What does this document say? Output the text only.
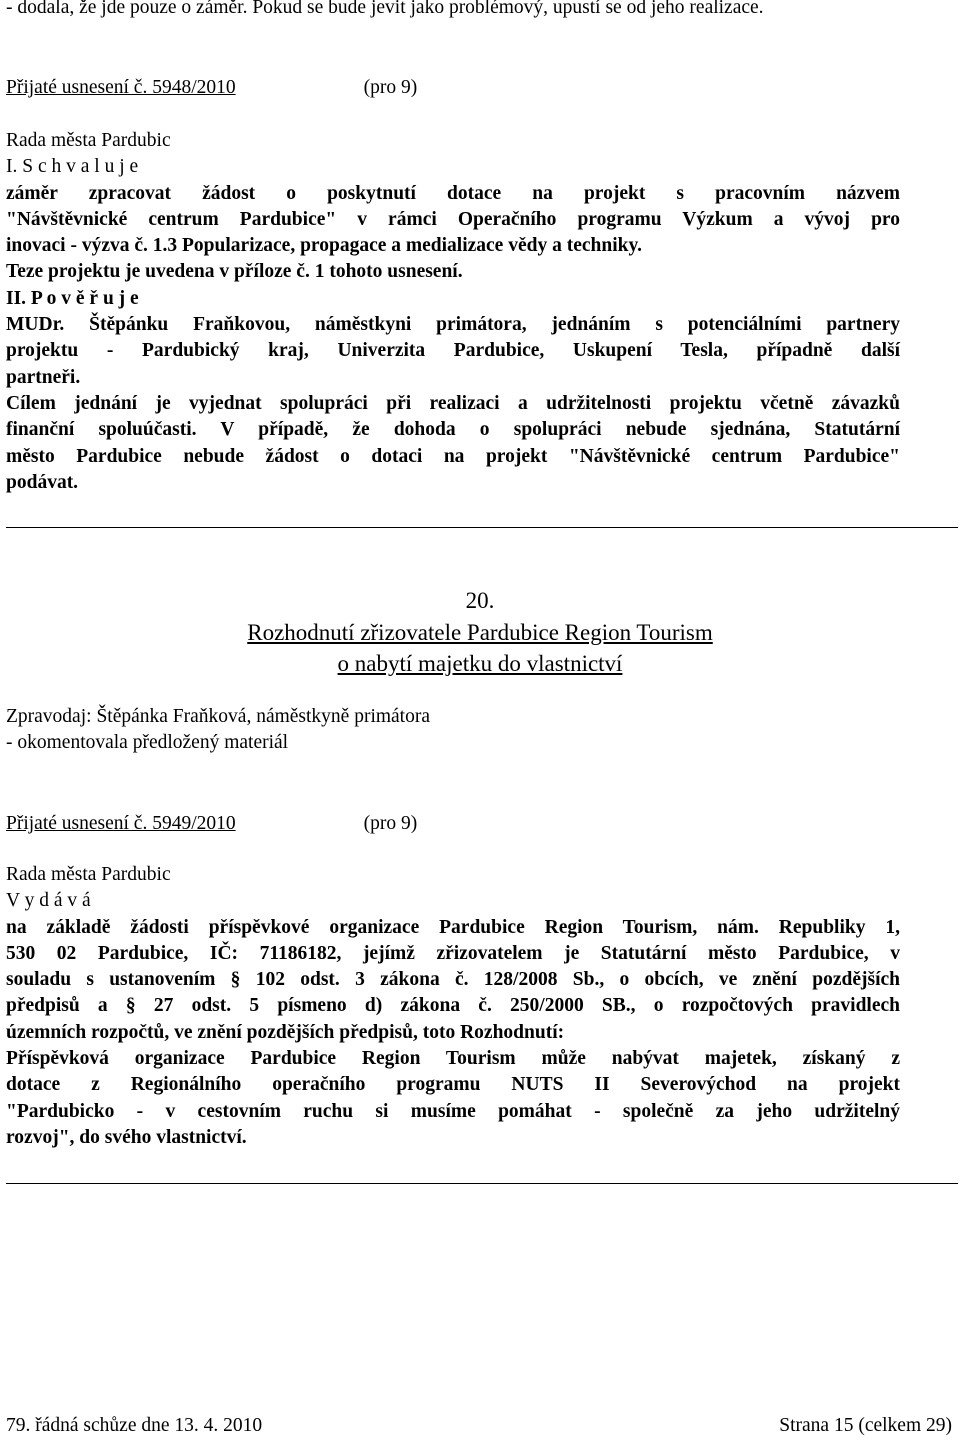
- dodala, že jde pouze o záměr. Pokud se bude jevit jako problémový, upustí se od jeho realizace.

Přijaté usnesení č. 5948/2010	(pro 9)

Rada města Pardubic

I. S c h v a l u j e

záměr zpracovat žádost o poskytnutí dotace na projekt s pracovním názvem

"Návštěvnické centrum Pardubice" v rámci Operačního programu Výzkum a vývoj pro

inovaci - výzva č. 1.3 Popularizace, propagace a medializace vědy a techniky.

Teze projektu je uvedena v příloze č. 1 tohoto usnesení.

II. P o v ě ř u j e

MUDr. Štěpánku Fraňkovou, náměstkyni primátora, jednáním s potenciálními partnery

projektu - Pardubický kraj, Univerzita Pardubice, Uskupení Tesla, případně další

partneři.

Cílem jednání je vyjednat spolupráci při realizaci a udržitelnosti projektu včetně závazků

finanční spoluúčasti. V případě, že dohoda o spolupráci nebude sjednána, Statutární

město Pardubice nebude žádost o dotaci na projekt "Návštěvnické centrum Pardubice"

podávat.

20.
Rozhodnutí zřizovatele Pardubice Region Tourism
o nabytí majetku do vlastnictví

Zpravodaj: Štěpánka Fraňková, náměstkyně primátora

- okomentovala předložený materiál

Přijaté usnesení č. 5949/2010	(pro 9)

Rada města Pardubic

V y d á v á

na základě žádosti příspěvkové organizace Pardubice Region Tourism, nám. Republiky 1,

530 02 Pardubice, IČ: 71186182, jejímž zřizovatelem je Statutární město Pardubice, v

souladu s ustanovením § 102 odst. 3 zákona č. 128/2008 Sb., o obcích, ve znění pozdějších

předpisů a § 27 odst. 5 písmeno d) zákona č. 250/2000 SB., o rozpočtových pravidlech

územních rozpočtů, ve znění pozdějších předpisů, toto Rozhodnutí:

Příspěvková organizace Pardubice Region Tourism může nabývat majetek, získaný z

dotace z Regionálního operačního programu NUTS II Severovýchod na projekt

"Pardubicko - v cestovním ruchu si musíme pomáhat - společně za jeho udržitelný

rozvoj", do svého vlastnictví.

79. řádná schůze dne 13. 4. 2010	Strana 15 (celkem 29)
